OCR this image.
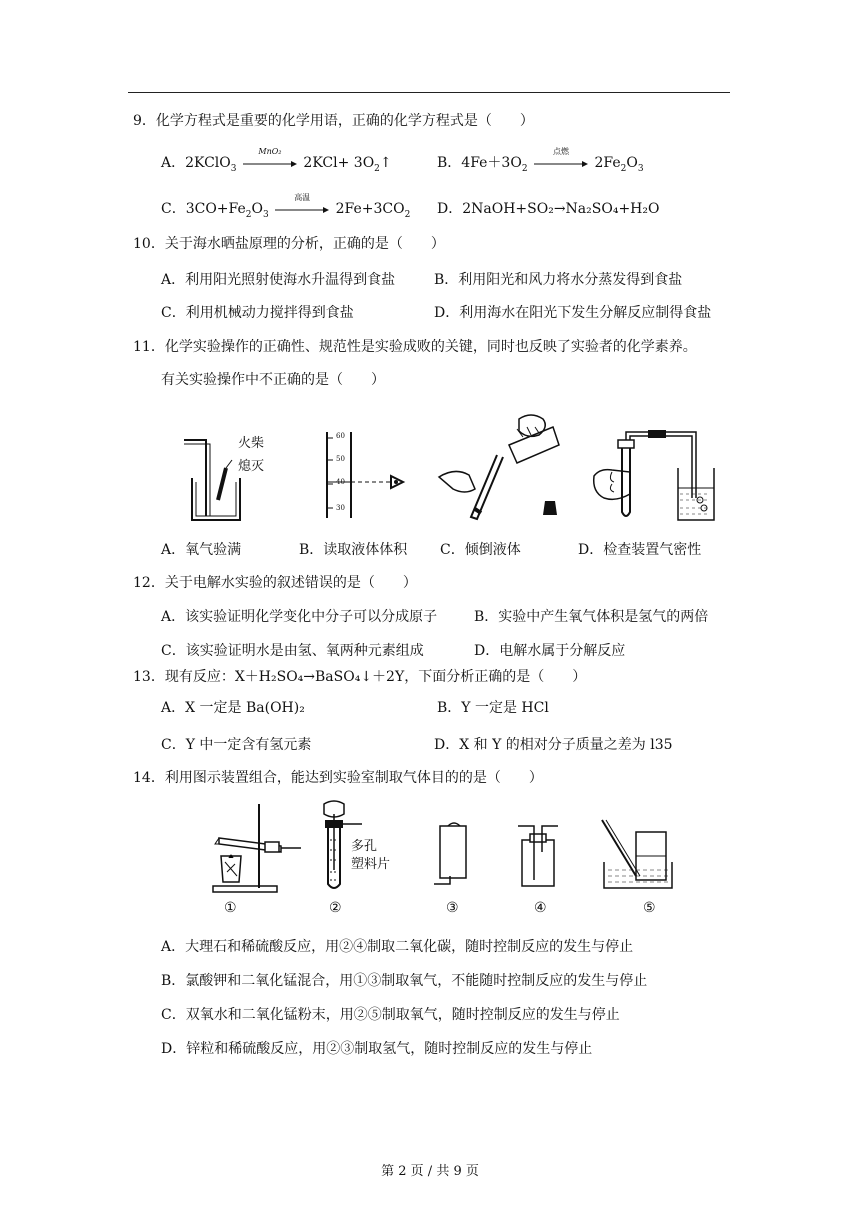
9．化学方程式是重要的化学用语，正确的化学方程式是（　　）
A．2KClO$_3$
MnO₂
$2KCl+ 3O_2↑$	B．$4Fe+3O_2$
点燃
$2Fe_2O_3$
C．$3CO+Fe_2O_3$
高温
$2Fe+3CO_2$ D．2NaOH+SO₂→Na₂SO₄+H₂O
10．关于海水晒盐原理的分析，正确的是（　　）
A．利用阳光照射使海水升温得到食盐	B．利用阳光和风力将水分蒸发得到食盐
C．利用机械动力搅拌得到食盐	D．利用海水在阳光下发生分解反应制得食盐
11．化学实验操作的正确性、规范性是实验成败的关键，同时也反映了实验者的化学素养。
有关实验操作中不正确的是（　　）
火柴
熄灭
60
50
40
30
A．氧气验满	B．读取液体体积 C．倾倒液体	D．检查装置气密性
12．关于电解水实验的叙述错误的是（　　）
A．该实验证明化学变化中分子可以分成原子	B．实验中产生氧气体积是氢气的两倍
C．该实验证明水是由氢、氧两种元素组成	D．电解水属于分解反应
13．现有反应：X＋H₂SO₄→BaSO₄↓＋2Y，下面分析正确的是（　　）
A．X 一定是 Ba(OH)₂	B．Y 一定是 HCl
C．Y 中一定含有氢元素	D．X 和 Y 的相对分子质量之差为 l35
14．利用图示装置组合，能达到实验室制取气体目的的是（　　）
多孔
塑料片
①	②	③	④	⑤
A．大理石和稀硫酸反应，用②④制取二氧化碳，随时控制反应的发生与停止
B．氯酸钾和二氧化锰混合，用①③制取氧气，不能随时控制反应的发生与停止
C．双氧水和二氧化锰粉末，用②⑤制取氧气，随时控制反应的发生与停止
D．锌粒和稀硫酸反应，用②③制取氢气，随时控制反应的发生与停止
第 2 页 / 共 9 页
